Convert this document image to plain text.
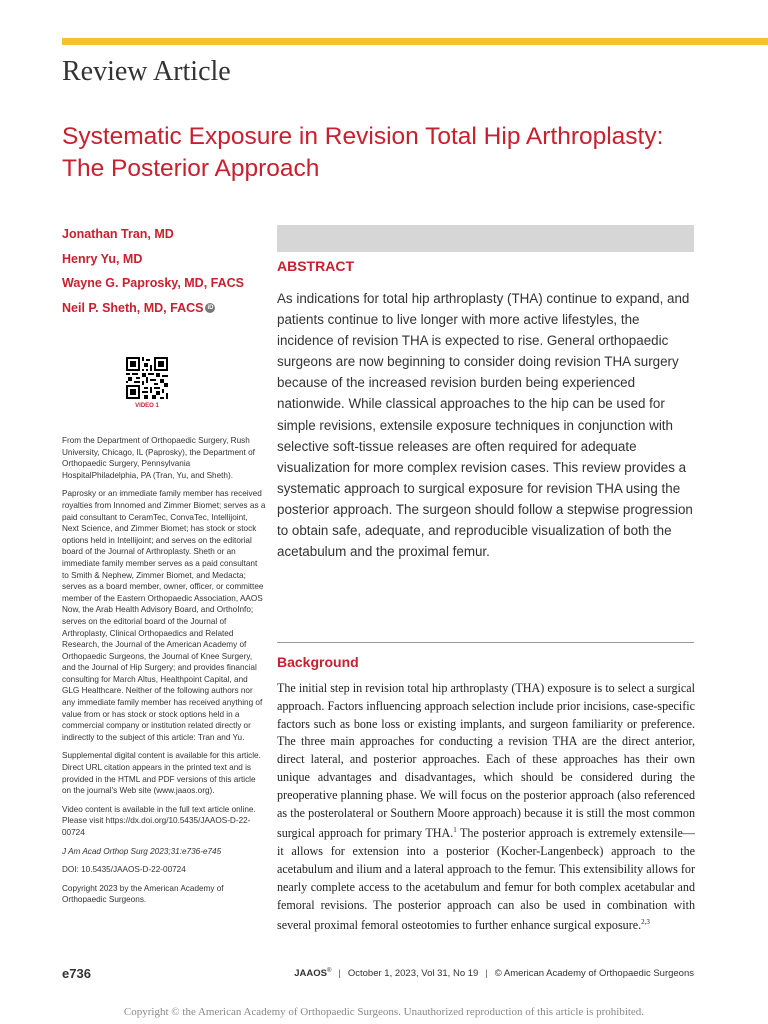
Review Article
Systematic Exposure in Revision Total Hip Arthroplasty: The Posterior Approach
Jonathan Tran, MD
Henry Yu, MD
Wayne G. Paprosky, MD, FACS
Neil P. Sheth, MD, FACS iD
VIDEO 1

From the Department of Orthopaedic Surgery, Rush University, Chicago, IL (Paprosky), the Department of Orthopaedic Surgery, Pennsylvania HospitalPhiladelphia, PA (Tran, Yu, and Sheth).

Paprosky or an immediate family member has received royalties from Innomed and Zimmer Biomet; serves as a paid consultant to CeramTec, ConvaTec, Intellijoint, Next Science, and Zimmer Biomet; has stock or stock options held in Intellijoint; and serves on the editorial board of the Journal of Arthroplasty. Sheth or an immediate family member serves as a paid consultant to Smith & Nephew, Zimmer Biomet, and Medacta; serves as a board member, owner, officer, or committee member of the Eastern Orthopaedic Association, AAOS Now, the Arab Health Advisory Board, and OrthoInfo; serves on the editorial board of the Journal of Arthroplasty, Clinical Orthopaedics and Related Research, the Journal of the American Academy of Orthopaedic Surgeons, the Journal of Knee Surgery, and the Journal of Hip Surgery; and provides financial consulting for March Altus, Healthpoint Capital, and GLG Healthcare. Neither of the following authors nor any immediate family member has received anything of value from or has stock or stock options held in a commercial company or institution related directly or indirectly to the subject of this article: Tran and Yu.

Supplemental digital content is available for this article. Direct URL citation appears in the printed text and is provided in the HTML and PDF versions of this article on the journal's Web site (www.jaaos.org).

Video content is available in the full text article online. Please visit https://dx.doi.org/10.5435/JAAOS-D-22-00724

J Am Acad Orthop Surg 2023;31:e736-e745

DOI: 10.5435/JAAOS-D-22-00724

Copyright 2023 by the American Academy of Orthopaedic Surgeons.

ABSTRACT
As indications for total hip arthroplasty (THA) continue to expand, and patients continue to live longer with more active lifestyles, the incidence of revision THA is expected to rise. General orthopaedic surgeons are now beginning to consider doing revision THA surgery because of the increased revision burden being experienced nationwide. While classical approaches to the hip can be used for simple revisions, extensile exposure techniques in conjunction with selective soft-tissue releases are often required for adequate visualization for more complex revision cases. This review provides a systematic approach to surgical exposure for revision THA using the posterior approach. The surgeon should follow a stepwise progression to obtain safe, adequate, and reproducible visualization of both the acetabulum and the proximal femur.
Background
The initial step in revision total hip arthroplasty (THA) exposure is to select a surgical approach. Factors influencing approach selection include prior incisions, case-specific factors such as bone loss or existing implants, and surgeon familiarity or preference. The three main approaches for conducting a revision THA are the direct anterior, direct lateral, and posterior approaches. Each of these approaches has their own unique advantages and disadvantages, which should be considered during the preoperative planning phase. We will focus on the posterior approach (also referenced as the posterolateral or Southern Moore approach) because it is still the most common surgical approach for primary THA.$^1$ The posterior approach is extremely extensile—it allows for extension into a posterior (Kocher-Langenbeck) approach to the acetabulum and ilium and a lateral approach to the femur. This extensibility allows for nearly complete access to the acetabulum and femur for both complex acetabular and femoral revisions. The posterior approach can also be used in combination with several proximal femoral osteotomies to further enhance surgical exposure.$^{2,3}$
e736	JAAOS® | October 1, 2023, Vol 31, No 19 | © American Academy of Orthopaedic Surgeons
Copyright © the American Academy of Orthopaedic Surgeons. Unauthorized reproduction of this article is prohibited.
